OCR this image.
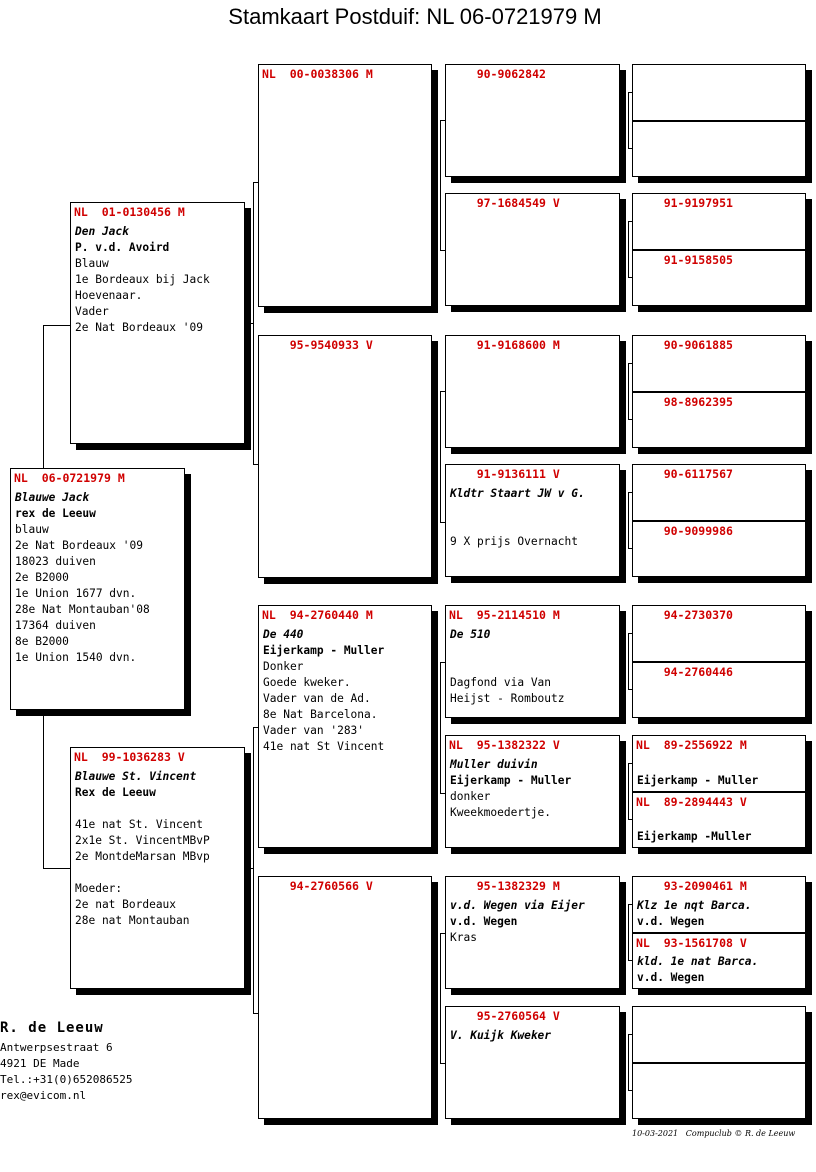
Stamkaart Postduif: NL 06-0721979 M
NL  06-0721979 M
Blauwe Jack
rex de Leeuw
blauw
2e Nat Bordeaux '09
18023 duiven
2e B2000
1e Union 1677 dvn.
28e Nat Montauban'08
17364 duiven
8e B2000
1e Union 1540 dvn.
NL  01-0130456 M
Den Jack
P. v.d. Avoird
Blauw
1e Bordeaux bij Jack
Hoevenaar.
Vader
2e Nat Bordeaux '09
NL  99-1036283 V
Blauwe St. Vincent
Rex de Leeuw
41e nat St. Vincent
2x1e St. VincentMBvP
2e MontdeMarsan MBvp
Moeder:
2e nat Bordeaux
28e nat Montauban
NL  00-0038306 M
95-9540933 V
NL  94-2760440 M
De 440
Eijerkamp - Muller
Donker
Goede kweker.
Vader van de Ad.
8e Nat Barcelona.
Vader van '283'
41e nat St Vincent
94-2760566 V
90-9062842
97-1684549 V
91-9168600 M
91-9136111 V
Kldtr Staart JW v G.
9 X prijs Overnacht
NL  95-2114510 M
De 510
Dagfond via Van
Heijst - Romboutz
NL  95-1382322 V
Muller duivin
Eijerkamp - Muller
donker
Kweekmoedertje.
95-1382329 M
v.d. Wegen via Eijer
v.d. Wegen
Kras
95-2760564 V
V. Kuijk Kweker
91-9197951
91-9158505
90-9061885
98-8962395
90-6117567
90-9099986
94-2730370
94-2760446
NL  89-2556922 M
Eijerkamp - Muller
NL  89-2894443 V
Eijerkamp -Muller
93-2090461 M
Klz 1e nqt Barca.
v.d. Wegen
NL  93-1561708 V
kld. 1e nat Barca.
v.d. Wegen
R. de Leeuw
Antwerpsestraat 6
4921 DE Made
Tel.:+31(0)652086525
rex@evicom.nl
10-03-2021   Compuclub © R. de Leeuw
